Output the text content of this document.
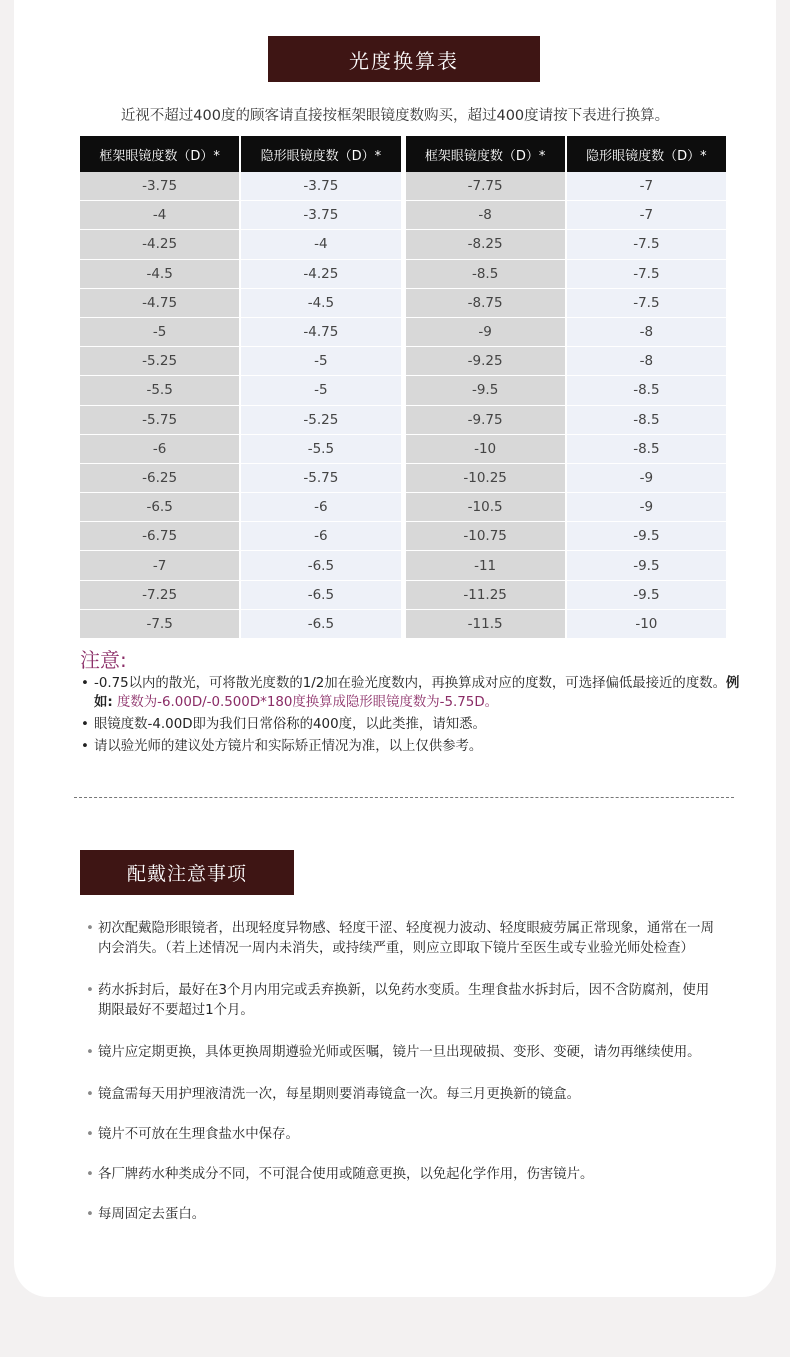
光度换算表
近视不超过400度的顾客请直接按框架眼镜度数购买，超过400度请按下表进行换算。
框架眼镜度数（D）*	隐形眼镜度数（D）*		框架眼镜度数（D）*	隐形眼镜度数（D）*
-3.75	-3.75		-7.75	-7
-4	-3.75		-8	-7
-4.25	-4		-8.25	-7.5
-4.5	-4.25		-8.5	-7.5
-4.75	-4.5		-8.75	-7.5
-5	-4.75		-9	-8
-5.25	-5		-9.25	-8
-5.5	-5		-9.5	-8.5
-5.75	-5.25		-9.75	-8.5
-6	-5.5		-10	-8.5
-6.25	-5.75		-10.25	-9
-6.5	-6		-10.5	-9
-6.75	-6		-10.75	-9.5
-7	-6.5		-11	-9.5
-7.25	-6.5		-11.25	-9.5
-7.5	-6.5		-11.5	-10
注意:
• -0.75以内的散光，可将散光度数的1/2加在验光度数内，再换算成对应的度数，可选择偏低最接近的度数。例如: 度数为-6.00D/-0.500D*180度换算成隐形眼镜度数为-5.75D。
• 眼镜度数-4.00D即为我们日常俗称的400度，以此类推，请知悉。
• 请以验光师的建议处方镜片和实际矫正情况为准，以上仅供参考。
配戴注意事项
• 初次配戴隐形眼镜者，出现轻度异物感、轻度干涩、轻度视力波动、轻度眼疲劳属正常现象，通常在一周内会消失。（若上述情况一周内未消失，或持续严重，则应立即取下镜片至医生或专业验光师处检查）
• 药水拆封后，最好在3个月内用完或丢弃换新，以免药水变质。生理食盐水拆封后，因不含防腐剂，使用期限最好不要超过1个月。
• 镜片应定期更换，具体更换周期遵验光师或医嘱，镜片一旦出现破损、变形、变硬，请勿再继续使用。
• 镜盒需每天用护理液清洗一次，每星期则要消毒镜盒一次。每三月更换新的镜盒。
• 镜片不可放在生理食盐水中保存。
• 各厂牌药水种类成分不同，不可混合使用或随意更换，以免起化学作用，伤害镜片。
• 每周固定去蛋白。
